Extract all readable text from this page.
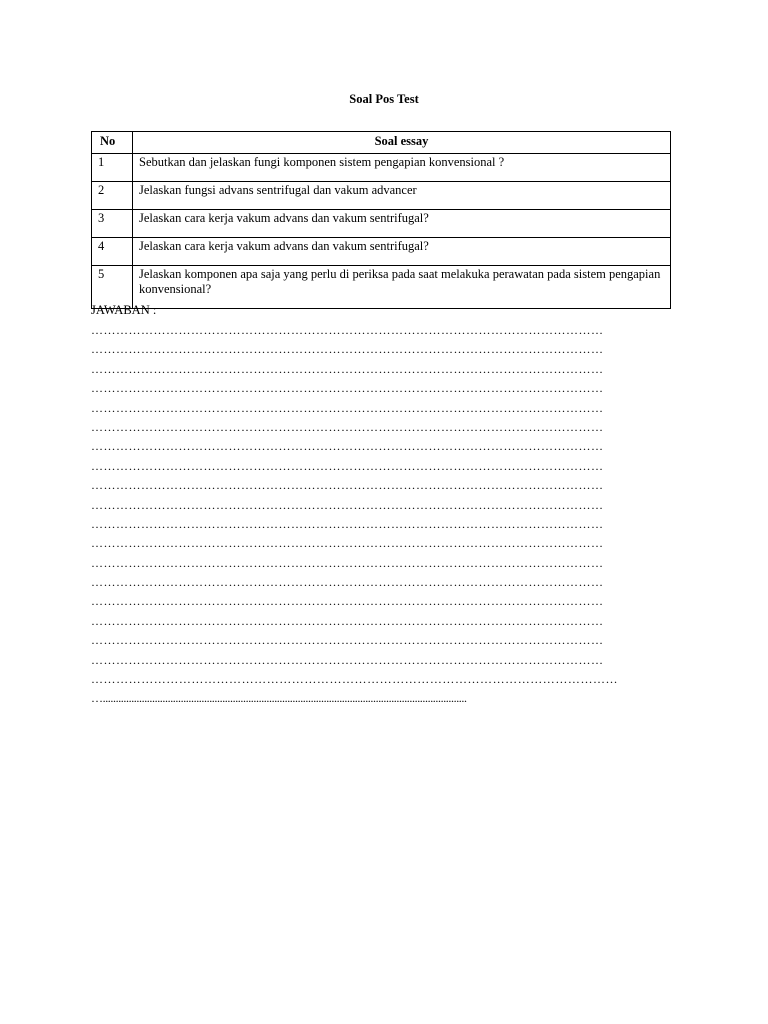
Soal Pos Test
No	Soal essay
1	Sebutkan dan jelaskan fungi komponen sistem pengapian konvensional ?
2	Jelaskan fungsi advans sentrifugal dan vakum advancer
3	Jelaskan cara kerja vakum advans dan vakum sentrifugal?
4	Jelaskan cara kerja vakum advans dan vakum sentrifugal?
5	Jelaskan komponen apa saja yang perlu di periksa pada saat melakuka perawatan pada sistem pengapian konvensional?
JAWABAN :
……………………………………………………………………………………………………………
……………………………………………………………………………………………………………
……………………………………………………………………………………………………………
……………………………………………………………………………………………………………
……………………………………………………………………………………………………………
……………………………………………………………………………………………………………
……………………………………………………………………………………………………………
……………………………………………………………………………………………………………
……………………………………………………………………………………………………………
……………………………………………………………………………………………………………
……………………………………………………………………………………………………………
……………………………………………………………………………………………………………
……………………………………………………………………………………………………………
……………………………………………………………………………………………………………
……………………………………………………………………………………………………………
……………………………………………………………………………………………………………
……………………………………………………………………………………………………………
……………………………………………………………………………………………………………
………………………………………………………………………………………………………………
…............................................................................................................................................
